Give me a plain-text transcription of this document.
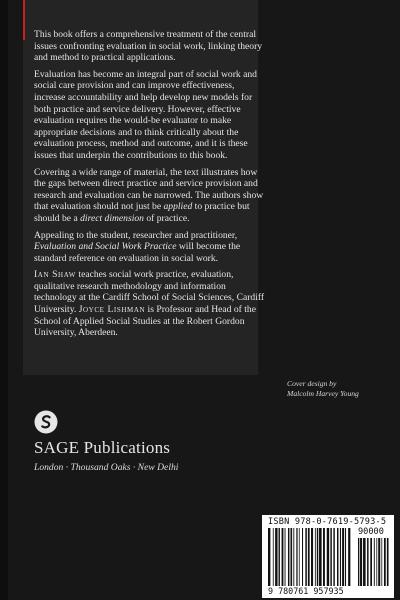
This book offers a comprehensive treatment of the central issues confronting evaluation in social work, linking theory and method to practical applications.

Evaluation has become an integral part of social work and social care provision and can improve effectiveness, increase accountability and help develop new models for both practice and service delivery. However, effective evaluation requires the would-be evaluator to make appropriate decisions and to think critically about the evaluation process, method and outcome, and it is these issues that underpin the contributions to this book.

Covering a wide range of material, the text illustrates how the gaps between direct practice and service provision and research and evaluation can be narrowed. The authors show that evaluation should not just be applied to practice but should be a direct dimension of practice.

Appealing to the student, researcher and practitioner, Evaluation and Social Work Practice will become the standard reference on evaluation in social work.

Ian Shaw teaches social work practice, evaluation, qualitative research methodology and information technology at the Cardiff School of Social Sciences, Cardiff University. Joyce Lishman is Professor and Head of the School of Applied Social Studies at the Robert Gordon University, Aberdeen.

Cover design by
Malcolm Harvey Young
SAGE Publications
London · Thousand Oaks · New Delhi
ISBN 978-0-7619-5793-5
90000
9 780761 957935
